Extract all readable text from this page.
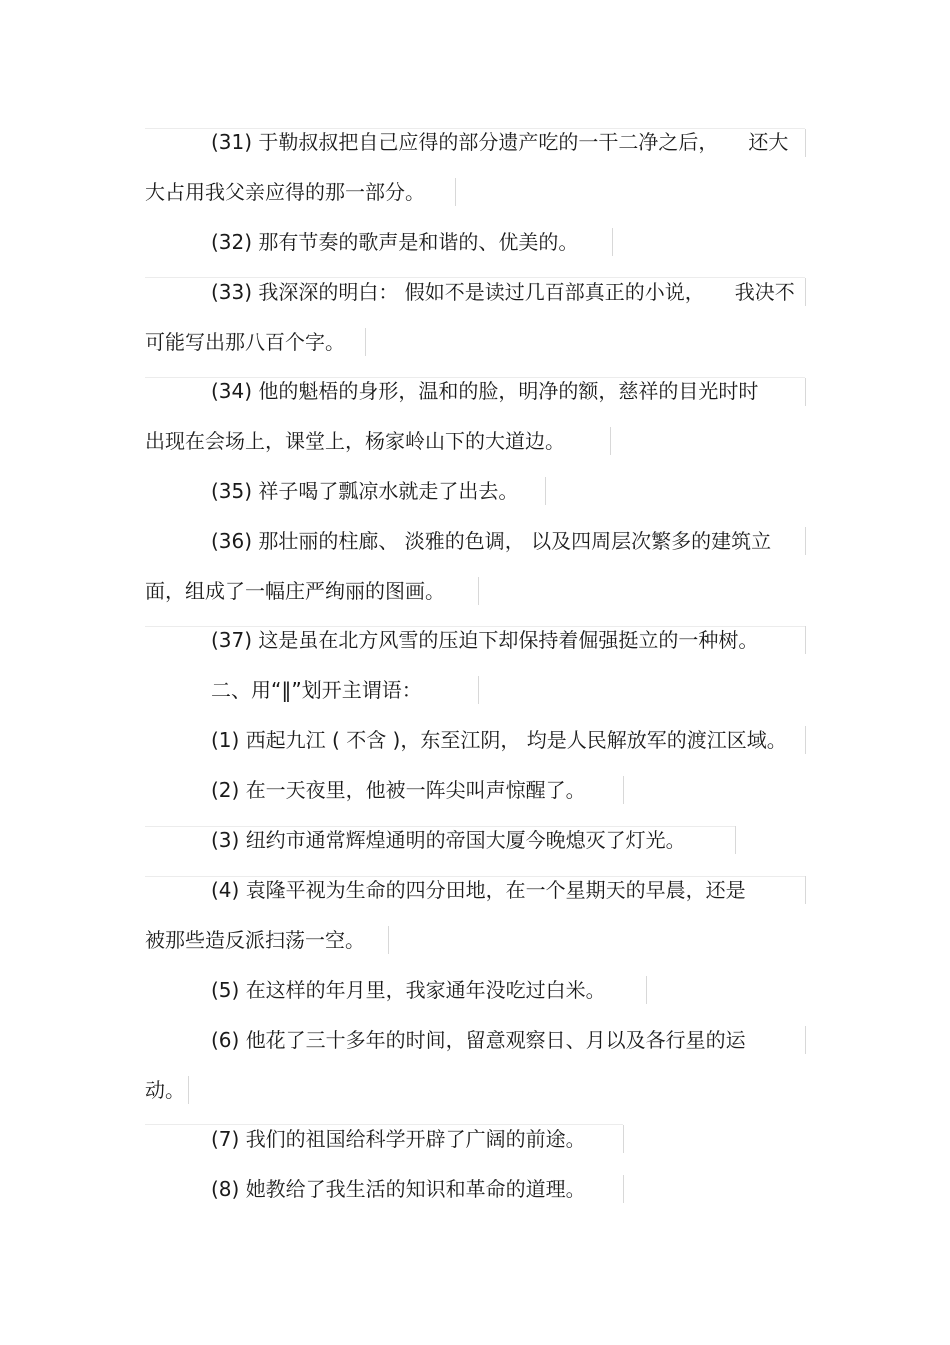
(31) 于勒叔叔把自己应得的部分遗产吃的一干二净之后，　　还大
大占用我父亲应得的那一部分。
(32) 那有节奏的歌声是和谐的、优美的。
(33) 我深深的明白： 假如不是读过几百部真正的小说，　　我决不
可能写出那八百个字。
(34) 他的魁梧的身形，温和的脸，明净的额，慈祥的目光时时
出现在会场上，课堂上，杨家岭山下的大道边。
(35) 祥子喝了瓢凉水就走了出去。
(36) 那壮丽的柱廊、 淡雅的色调， 以及四周层次繁多的建筑立
面，组成了一幅庄严绚丽的图画。
(37) 这是虽在北方风雪的压迫下却保持着倔强挺立的一种树。
二、用“‖”划开主谓语：
(1) 西起九江 ( 不含 )，东至江阴， 均是人民解放军的渡江区域。
(2) 在一天夜里，他被一阵尖叫声惊醒了。
(3) 纽约市通常辉煌通明的帝国大厦今晚熄灭了灯光。
(4) 袁隆平视为生命的四分田地，在一个星期天的早晨，还是
被那些造反派扫荡一空。
(5) 在这样的年月里，我家通年没吃过白米。
(6) 他花了三十多年的时间，留意观察日、月以及各行星的运
动。
(7) 我们的祖国给科学开辟了广阔的前途。
(8) 她教给了我生活的知识和革命的道理。
